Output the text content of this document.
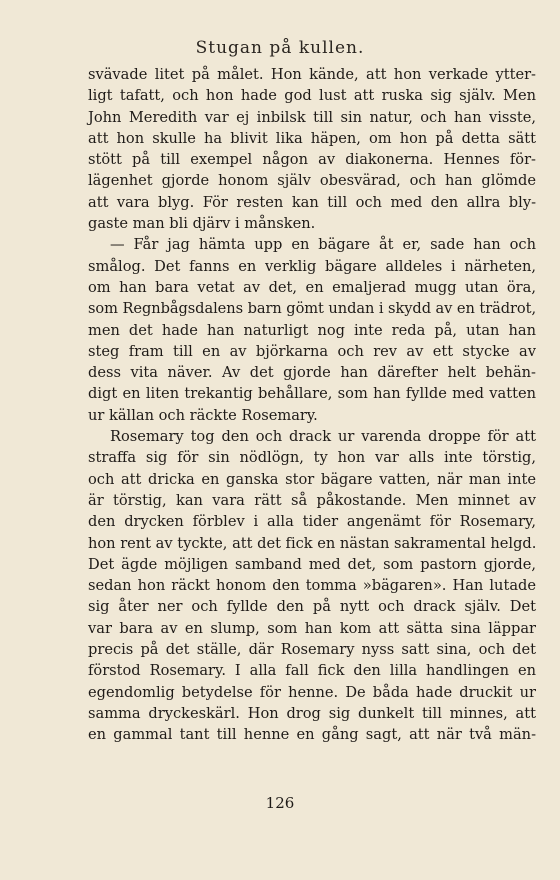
Stugan på kullen.
svävade litet på målet. Hon kände, att hon verkade ytter-
ligt tafatt, och hon hade god lust att ruska sig själv. Men
John Meredith var ej inbilsk till sin natur, och han visste,
att hon skulle ha blivit lika häpen, om hon på detta sätt
stött på till exempel någon av diakonerna. Hennes för-
lägenhet gjorde honom själv obesvärad, och han glömde
att vara blyg. För resten kan till och med den allra bly-
gaste man bli djärv i månsken.
— Får jag hämta upp en bägare åt er, sade han och
smålog. Det fanns en verklig bägare alldeles i närheten,
om han bara vetat av det, en emaljerad mugg utan öra,
som Regnbågsdalens barn gömt undan i skydd av en trädrot,
men det hade han naturligt nog inte reda på, utan han
steg fram till en av björkarna och rev av ett stycke av
dess vita näver. Av det gjorde han därefter helt behän-
digt en liten trekantig behållare, som han fyllde med vatten
ur källan och räckte Rosemary.
Rosemary tog den och drack ur varenda droppe för att
straffa sig för sin nödlögn, ty hon var alls inte törstig,
och att dricka en ganska stor bägare vatten, när man inte
är törstig, kan vara rätt så påkostande. Men minnet av
den drycken förblev i alla tider angenämt för Rosemary,
hon rent av tyckte, att det fick en nästan sakramental helgd.
Det ägde möjligen samband med det, som pastorn gjorde,
sedan hon räckt honom den tomma »bägaren». Han lutade
sig åter ner och fyllde den på nytt och drack själv. Det
var bara av en slump, som han kom att sätta sina läppar
precis på det ställe, där Rosemary nyss satt sina, och det
förstod Rosemary. I alla fall fick den lilla handlingen en
egendomlig betydelse för henne. De båda hade druckit ur
samma dryckeskärl. Hon drog sig dunkelt till minnes, att
en gammal tant till henne en gång sagt, att när två män-
126
